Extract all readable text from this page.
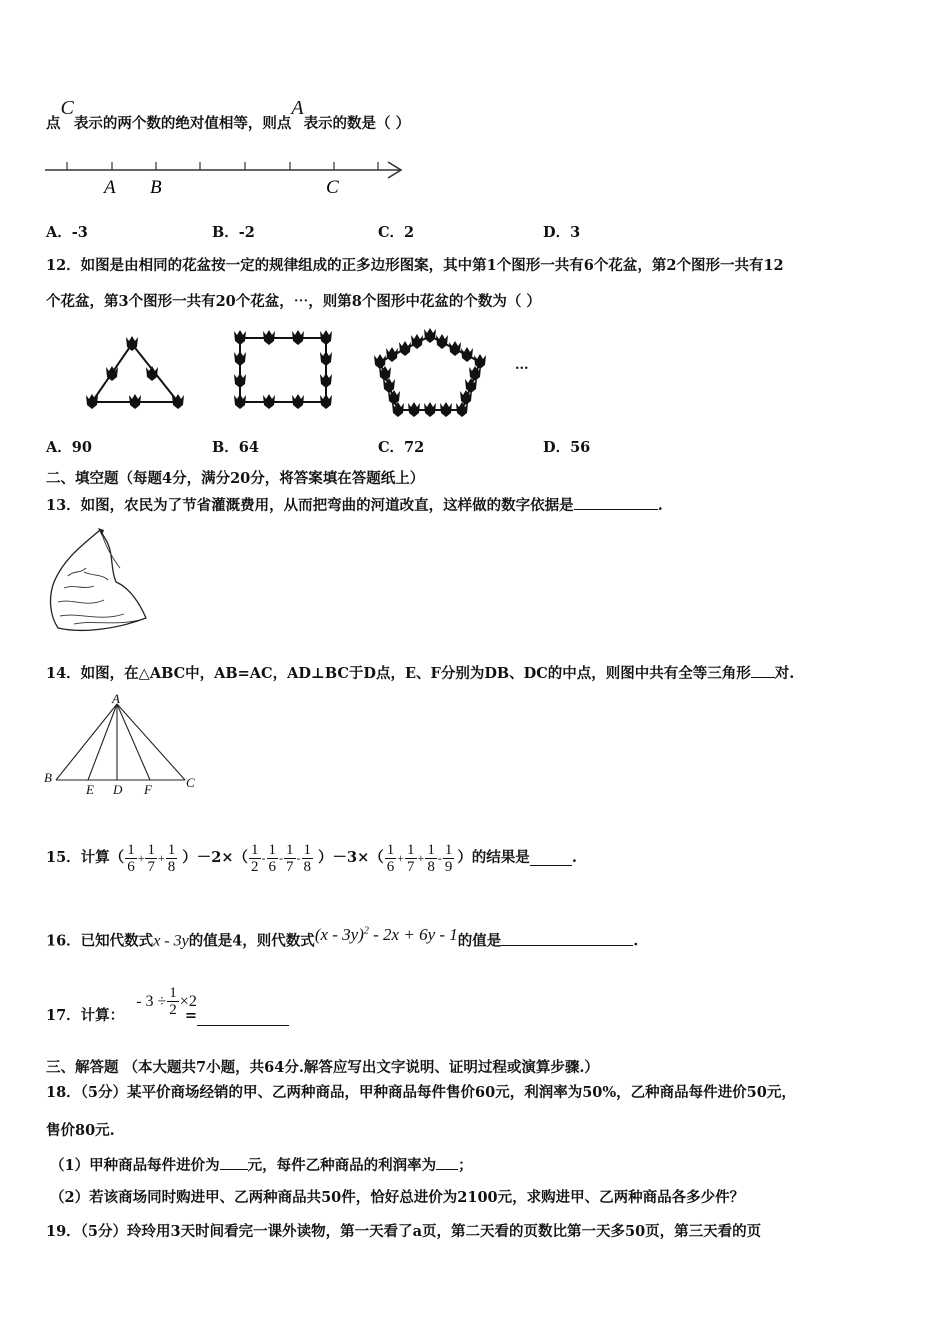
点C表示的两个数的绝对值相等，则点A表示的数是（ ）
A B	C
A．-3	B．-2	C．2	D．3
12．如图是由相同的花盆按一定的规律组成的正多边形图案，其中第1个图形一共有6个花盆，第2个图形一共有12
个花盆，第3个图形一共有20个花盆，⋯，则第8个图形中花盆的个数为（ ）
...
A．90	B．64	C．72	D．56
二、填空题（每题4分，满分20分，将答案填在答题纸上）
13．如图，农民为了节省灌溉费用，从而把弯曲的河道改直，这样做的数字依据是	.
14．如图，在△ABC中，AB=AC，AD⊥BC于D点，E、F分别为DB、DC的中点，则图中共有全等三角形 对.
A
B
E D F	C
15．计算（ $\frac{1}{6} + \frac{1}{7} + \frac{1}{8} )-2\times( \frac{1}{2} - \frac{1}{6} - \frac{1}{7} - \frac{1}{8} )-3\times( \frac{1}{6} + \frac{1}{7} + \frac{1}{8} - \frac{1}{9}$ ）的结果是	.
16．已知代数式x - 3y的值是4，则代数式(x - 3y)$^2$ - 2x + 6y - 1的值是	.
17．计算：
- $3 \div \frac{1}{2} \times 2$
=
三、解答题 （本大题共7小题，共64分.解答应写出文字说明、证明过程或演算步骤.）
18．（5分）某平价商场经销的甲、乙两种商品，甲种商品每件售价60元，利润率为50%，乙种商品每件进价50元，
售价80元.
（1）甲种商品每件进价为 元，每件乙种商品的利润率为 ；
（2）若该商场同时购进甲、乙两种商品共50件，恰好总进价为2100元，求购进甲、乙两种商品各多少件？
19．（5分）玲玲用3天时间看完一课外读物，第一天看了a页，第二天看的页数比第一天多50页，第三天看的页
